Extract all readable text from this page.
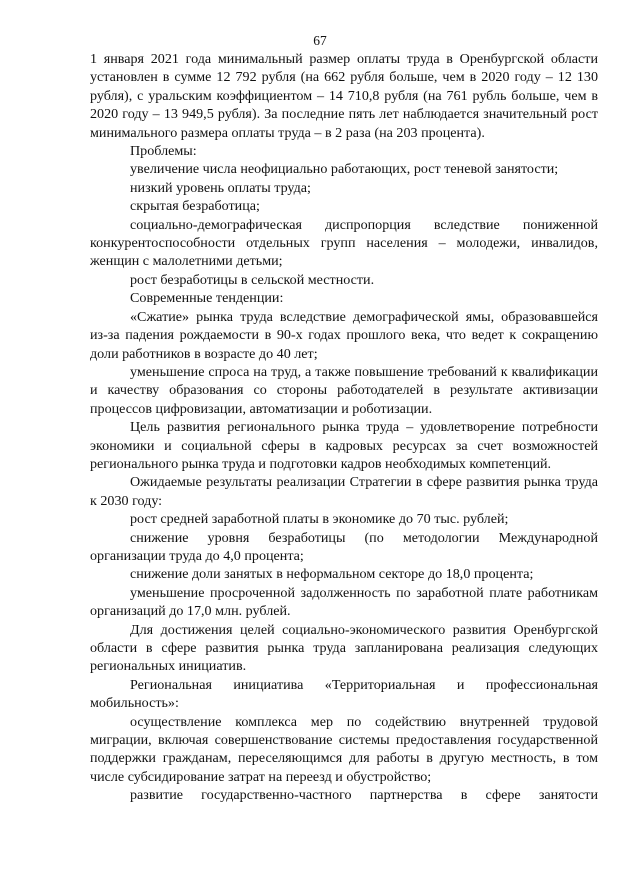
67

1 января 2021 года минимальный размер оплаты труда в Оренбургской области установлен в сумме 12 792 рубля (на 662 рубля больше, чем в 2020 году – 12 130 рубля), с уральским коэффициентом – 14 710,8 рубля (на 761 рубль больше, чем в 2020 году – 13 949,5 рубля). За последние пять лет наблюдается значительный рост минимального размера оплаты труда – в 2 раза (на 203 процента).

Проблемы:

увеличение числа неофициально работающих, рост теневой занятости;

низкий уровень оплаты труда;

скрытая безработица;

социально-демографическая диспропорция вследствие пониженной конкурентоспособности отдельных групп населения – молодежи, инвалидов, женщин с малолетними детьми;

рост безработицы в сельской местности.

Современные тенденции:

«Сжатие» рынка труда вследствие демографической ямы, образовавшейся из-за падения рождаемости в 90-х годах прошлого века, что ведет к сокращению доли работников в возрасте до 40 лет;

уменьшение спроса на труд, а также повышение требований к квалификации и качеству образования со стороны работодателей в результате активизации процессов цифровизации, автоматизации и роботизации.

Цель развития регионального рынка труда – удовлетворение потребности экономики и социальной сферы в кадровых ресурсах за счет возможностей регионального рынка труда и подготовки кадров необходимых компетенций.

Ожидаемые результаты реализации Стратегии в сфере развития рынка труда к 2030 году:

рост средней заработной платы в экономике до 70 тыс. рублей;

снижение уровня безработицы (по методологии Международной организации труда до 4,0 процента;

снижение доли занятых в неформальном секторе до 18,0 процента;

уменьшение просроченной задолженность по заработной плате работникам организаций до 17,0 млн. рублей.

Для достижения целей социально-экономического развития Оренбургской области в сфере развития рынка труда запланирована реализация следующих региональных инициатив.

Региональная инициатива «Территориальная и профессиональная мобильность»:

осуществление комплекса мер по содействию внутренней трудовой миграции, включая совершенствование системы предоставления государственной поддержки гражданам, переселяющимся для работы в другую местность, в том числе субсидирование затрат на переезд и обустройство;

развитие государственно-частного партнерства в сфере занятости
